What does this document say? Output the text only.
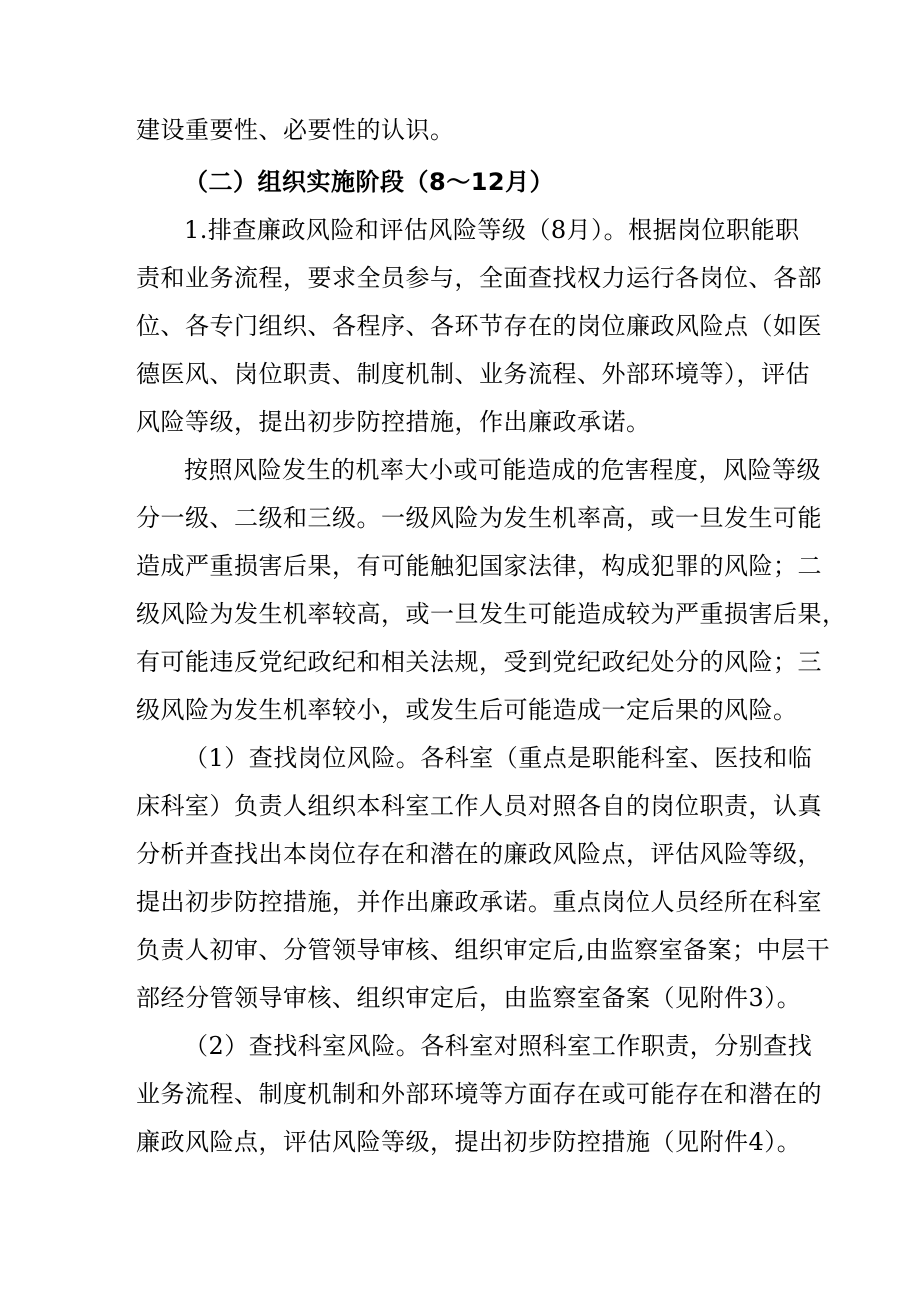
建设重要性、必要性的认识。
（二）组织实施阶段（8～12月）
1.排查廉政风险和评估风险等级（8月）。根据岗位职能职
责和业务流程，要求全员参与，全面查找权力运行各岗位、各部
位、各专门组织、各程序、各环节存在的岗位廉政风险点（如医
德医风、岗位职责、制度机制、业务流程、外部环境等），评估
风险等级，提出初步防控措施，作出廉政承诺。
按照风险发生的机率大小或可能造成的危害程度，风险等级
分一级、二级和三级。一级风险为发生机率高，或一旦发生可能
造成严重损害后果，有可能触犯国家法律，构成犯罪的风险；二
级风险为发生机率较高，或一旦发生可能造成较为严重损害后果，
有可能违反党纪政纪和相关法规，受到党纪政纪处分的风险；三
级风险为发生机率较小，或发生后可能造成一定后果的风险。
（1）查找岗位风险。各科室（重点是职能科室、医技和临
床科室）负责人组织本科室工作人员对照各自的岗位职责，认真
分析并查找出本岗位存在和潜在的廉政风险点，评估风险等级，
提出初步防控措施，并作出廉政承诺。重点岗位人员经所在科室
负责人初审、分管领导审核、组织审定后,由监察室备案；中层干
部经分管领导审核、组织审定后，由监察室备案（见附件3）。
（2）查找科室风险。各科室对照科室工作职责，分别查找
业务流程、制度机制和外部环境等方面存在或可能存在和潜在的
廉政风险点，评估风险等级，提出初步防控措施（见附件4）。
